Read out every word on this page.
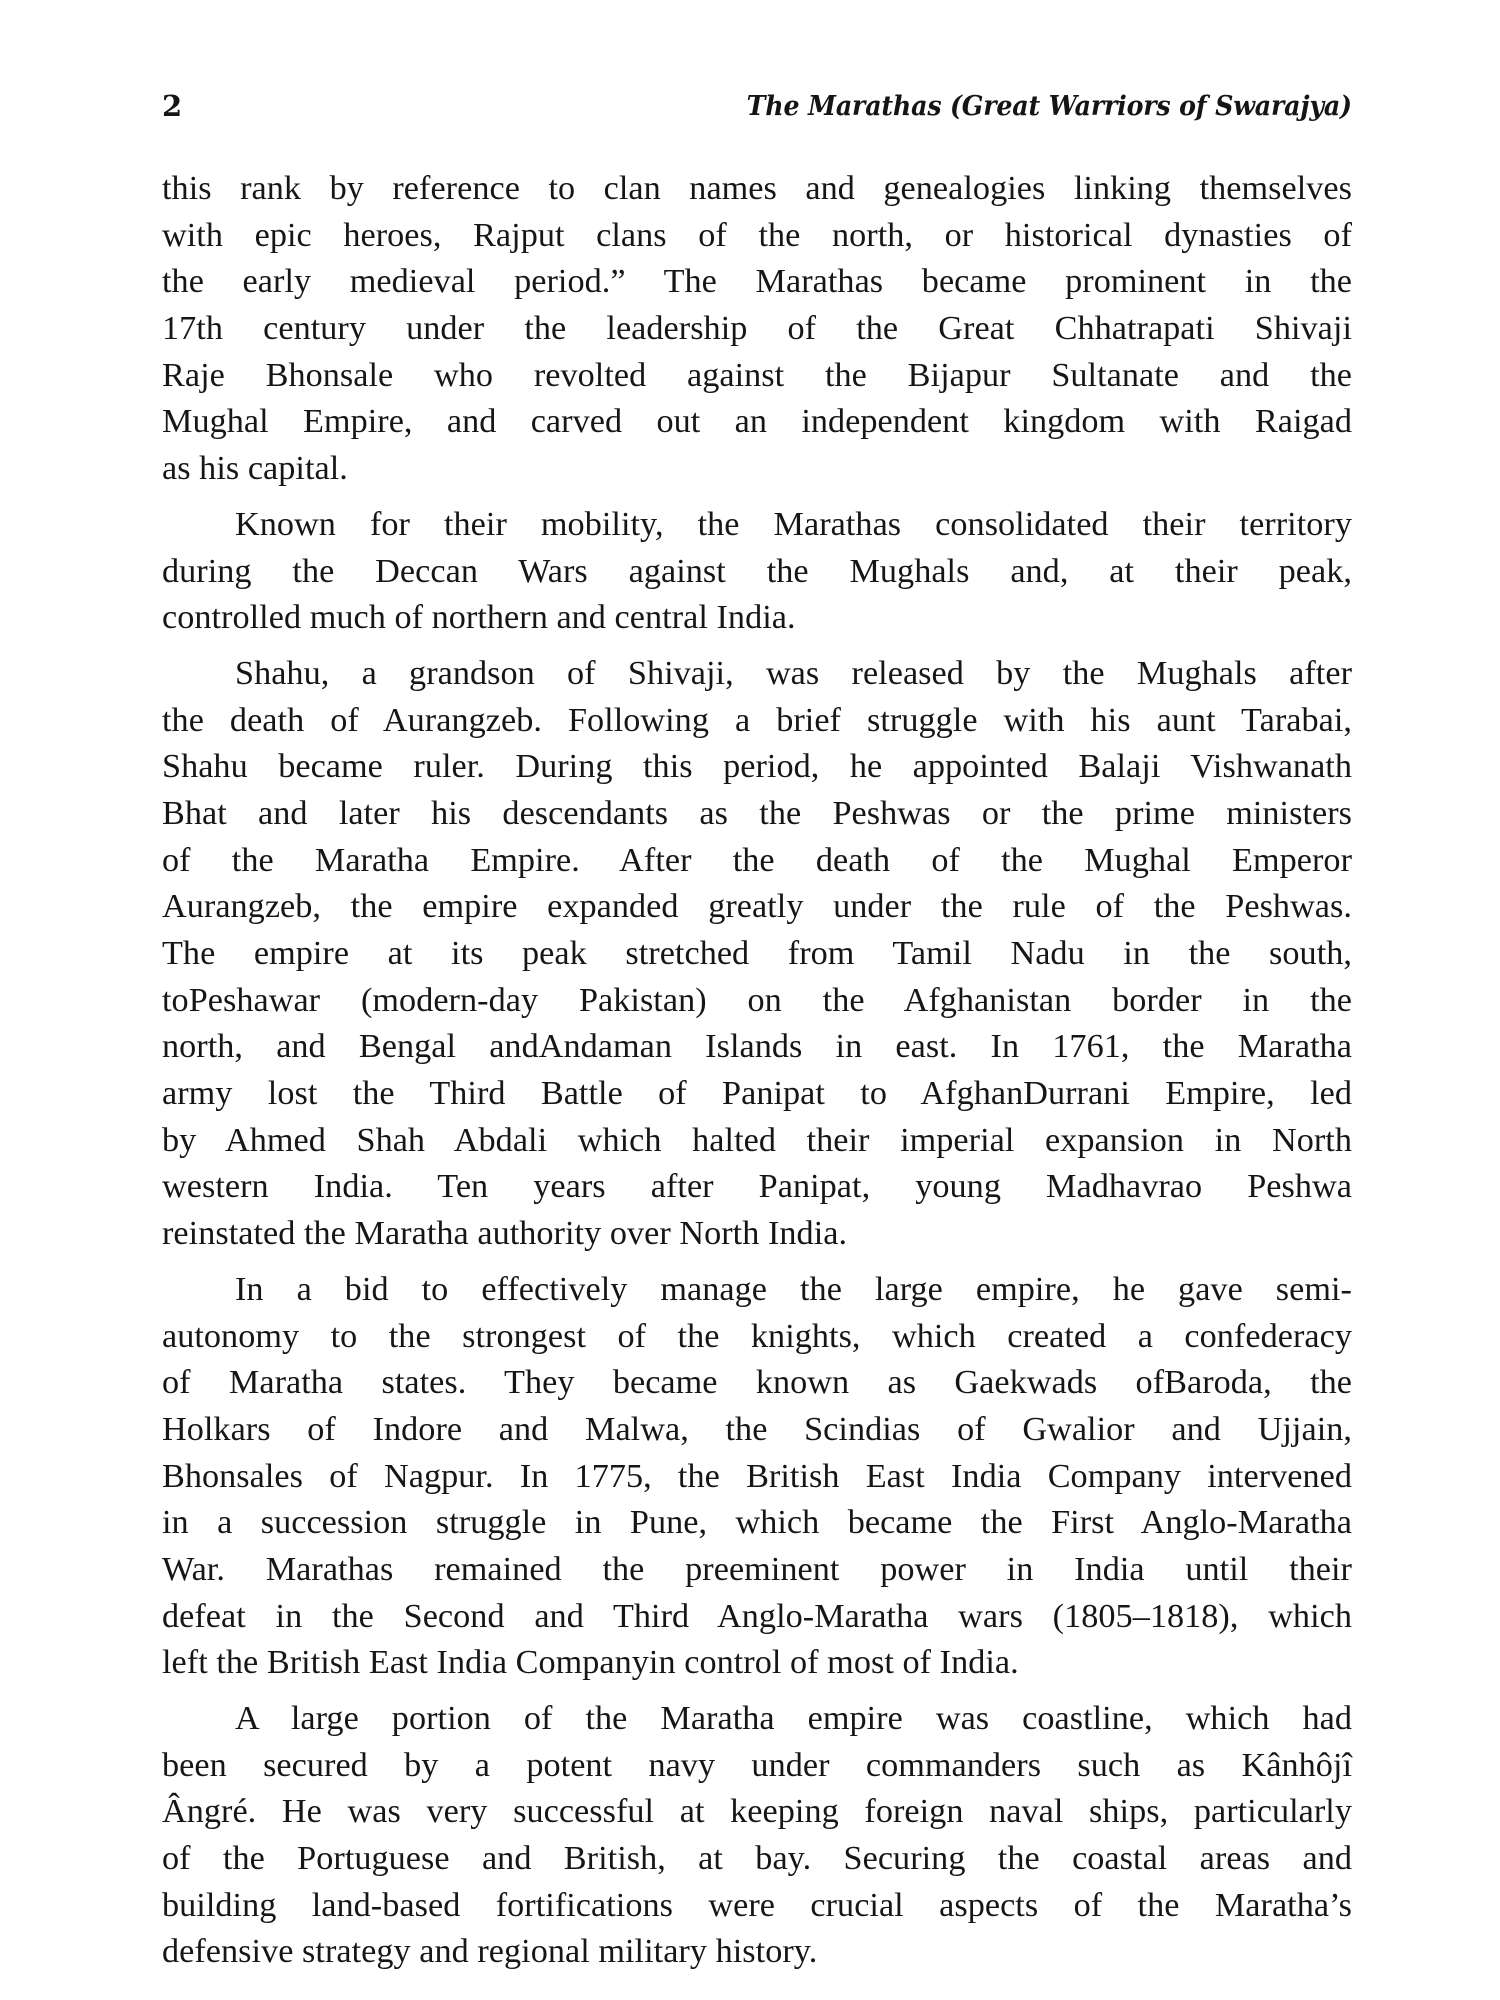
2	The Marathas (Great Warriors of Swarajya)
this rank by reference to clan names and genealogies linking themselves
with epic heroes, Rajput clans of the north, or historical dynasties of
the early medieval period.” The Marathas became prominent in the
17th century under the leadership of the Great Chhatrapati Shivaji
Raje Bhonsale who revolted against the Bijapur Sultanate and the
Mughal Empire, and carved out an independent kingdom with Raigad
as his capital.
Known for their mobility, the Marathas consolidated their territory
during the Deccan Wars against the Mughals and, at their peak,
controlled much of northern and central India.
Shahu, a grandson of Shivaji, was released by the Mughals after
the death of Aurangzeb. Following a brief struggle with his aunt Tarabai,
Shahu became ruler. During this period, he appointed Balaji Vishwanath
Bhat and later his descendants as the Peshwas or the prime ministers
of the Maratha Empire. After the death of the Mughal Emperor
Aurangzeb, the empire expanded greatly under the rule of the Peshwas.
The empire at its peak stretched from Tamil Nadu in the south,
toPeshawar (modern-day Pakistan) on the Afghanistan border in the
north, and Bengal andAndaman Islands in east. In 1761, the Maratha
army lost the Third Battle of Panipat to AfghanDurrani Empire, led
by Ahmed Shah Abdali which halted their imperial expansion in North
western India. Ten years after Panipat, young Madhavrao Peshwa
reinstated the Maratha authority over North India.
In a bid to effectively manage the large empire, he gave semi-
autonomy to the strongest of the knights, which created a confederacy
of Maratha states. They became known as Gaekwads ofBaroda, the
Holkars of Indore and Malwa, the Scindias of Gwalior and Ujjain,
Bhonsales of Nagpur. In 1775, the British East India Company intervened
in a succession struggle in Pune, which became the First Anglo-Maratha
War. Marathas remained the preeminent power in India until their
defeat in the Second and Third Anglo-Maratha wars (1805–1818), which
left the British East India Companyin control of most of India.
A large portion of the Maratha empire was coastline, which had
been secured by a potent navy under commanders such as Kânhôjî
Ângré. He was very successful at keeping foreign naval ships, particularly
of the Portuguese and British, at bay. Securing the coastal areas and
building land-based fortifications were crucial aspects of the Maratha’s
defensive strategy and regional military history.
